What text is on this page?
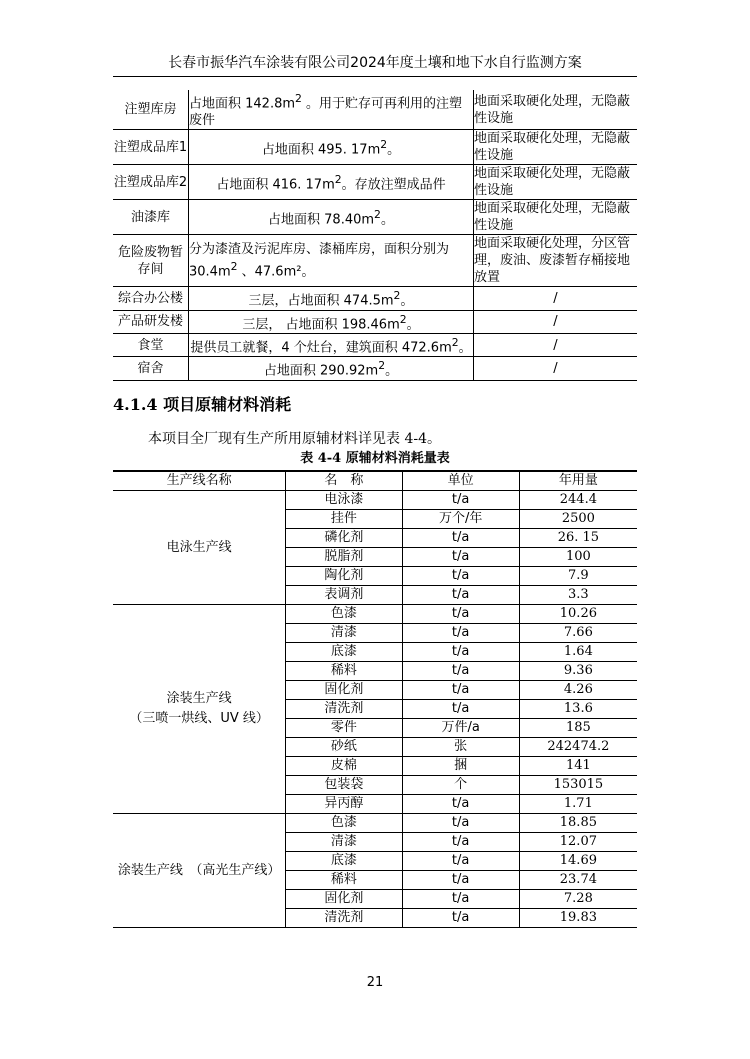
长春市振华汽车涂装有限公司2024年度土壤和地下水自行监测方案
注塑库房	占地面积 $142.8m^2$ 。用于贮存可再利用的注塑废件	地面采取硬化处理，无隐蔽性设施
注塑成品库1	占地面积 495. $17m^2$。	地面采取硬化处理，无隐蔽性设施
注塑成品库2	占地面积 416. $17m^2$。存放注塑成品件	地面采取硬化处理，无隐蔽性设施
油漆库	占地面积 $78.40m^2$。	地面采取硬化处理，无隐蔽性设施
危险废物暂存间	分为漆渣及污泥库房、漆桶库房，面积分别为$30.4m^2$ 、47.6m²。	地面采取硬化处理，分区管理，废油、废漆暂存桶接地放置
综合办公楼	三层，占地面积 $474.5m^2$。	/
产品研发楼	三层， 占地面积 $198.46m^2$。	/
食堂	提供员工就餐，4 个灶台，建筑面积 $472.6m^2$。	/
宿舍	占地面积 $290.92m^2$。	/
4.1.4 项目原辅材料消耗
本项目全厂现有生产所用原辅材料详见表 4-4。
表 4-4 原辅材料消耗量表
生产线名称	名　称	单位	年用量

电泳生产线	电泳漆	t/a	244.4
	挂件	万个/年	2500
	磷化剂	t/a	26. 15
	脱脂剂	t/a	100
	陶化剂	t/a	7.9
	表调剂	t/a	3.3

涂装生产线
（三喷一烘线、UV 线）	色漆	t/a	10.26
	清漆	t/a	7.66
	底漆	t/a	1.64
	稀料	t/a	9.36
	固化剂	t/a	4.26
	清洗剂	t/a	13.6
	零件	万件/a	185
	砂纸	张	242474.2
	皮棉	捆	141
	包装袋	个	153015
	异丙醇	t/a	1.71

涂装生产线　（高光生产线）	色漆	t/a	18.85
	清漆	t/a	12.07
	底漆	t/a	14.69
	稀料	t/a	23.74
	固化剂	t/a	7.28
	清洗剂	t/a	19.83
21
